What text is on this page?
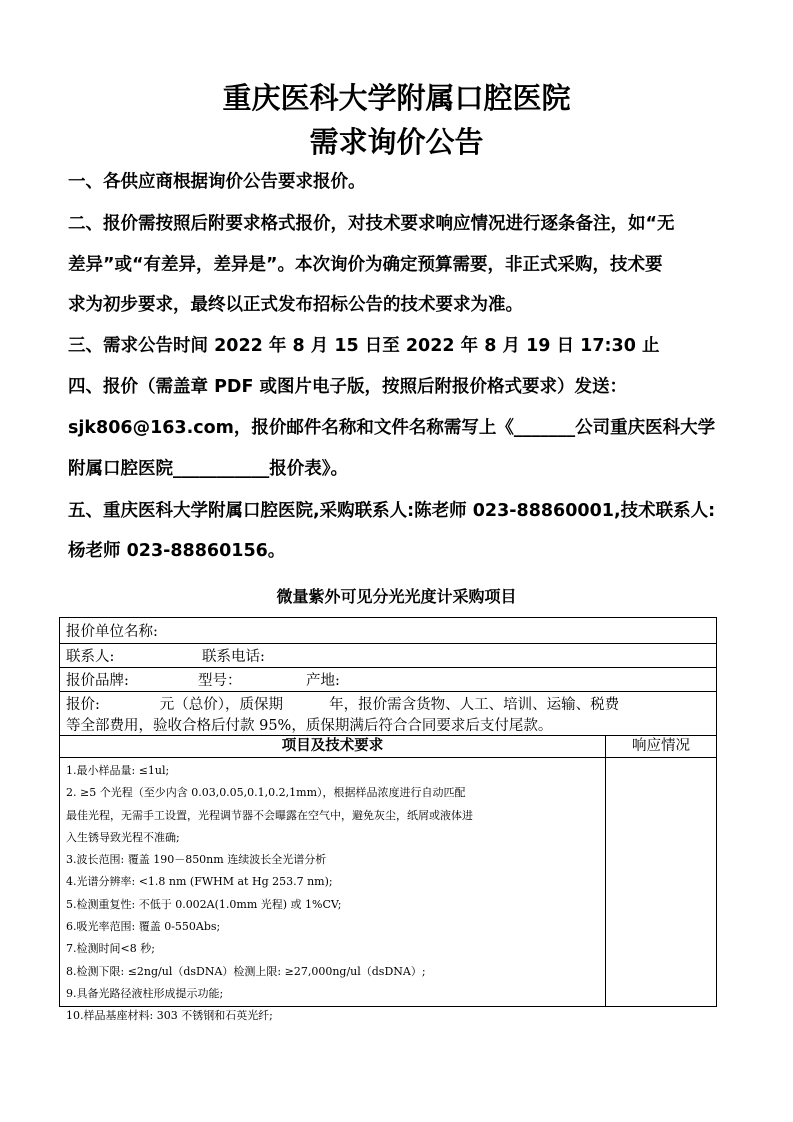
重庆医科大学附属口腔医院
需求询价公告
一、各供应商根据询价公告要求报价。
二、报价需按照后附要求格式报价，对技术要求响应情况进行逐条备注，如“无
差异”或“有差异，差异是”。本次询价为确定预算需要，非正式采购，技术要
求为初步要求，最终以正式发布招标公告的技术要求为准。
三、需求公告时间 2022 年 8 月 15 日至 2022 年 8 月 19 日 17:30 止
四、报价（需盖章 PDF 或图片电子版，按照后附报价格式要求）发送：
sjk806@163.com，报价邮件名称和文件名称需写上《_______公司重庆医科大学
附属口腔医院___________报价表》。
五、重庆医科大学附属口腔医院,采购联系人:陈老师 023-88860001,技术联系人:
杨老师 023-88860156。
微量紫外可见分光光度计采购项目
报价单位名称:
联系人:                   联系电话:
报价品牌:               型号：              产地:
报价:             元（总价），质保期          年，报价需含货物、人工、培训、运输、税费
等全部费用，验收合格后付款 95%，质保期满后符合合同要求后支付尾款。
项目及技术要求	响应情况
1.最小样品量: ≤1ul;
2. ≥5 个光程（至少内含 0.03,0.05,0.1,0.2,1mm），根据样品浓度进行自动匹配
最佳光程，无需手工设置，光程调节器不会曝露在空气中，避免灰尘，纸屑或液体进
入生锈导致光程不准确;
3.波长范围: 覆盖 190－850nm 连续波长全光谱分析
4.光谱分辨率: <1.8 nm (FWHM at Hg 253.7 nm);
5.检测重复性: 不低于 0.002A(1.0mm 光程) 或 1%CV;
6.吸光率范围: 覆盖 0-550Abs;
7.检测时间<8 秒;
8.检测下限: ≤2ng/ul（dsDNA）检测上限: ≥27,000ng/ul（dsDNA）;
9.具备光路径液柱形成提示功能;
10.样品基座材料: 303 不锈钢和石英光纤;
